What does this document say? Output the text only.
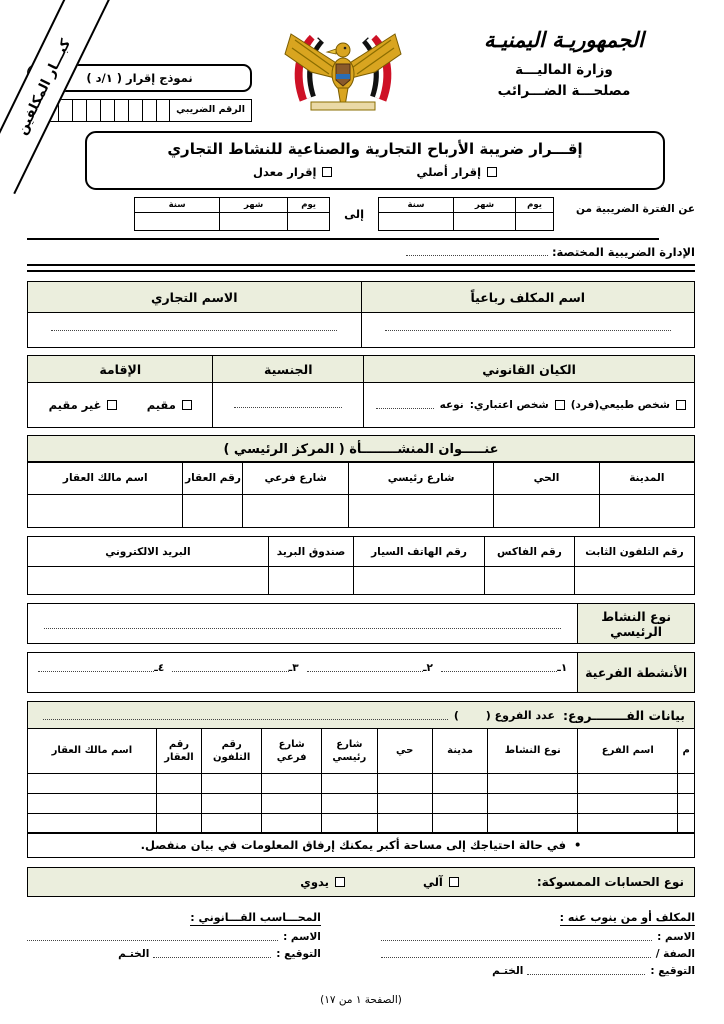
كبـــار المكلفين	الجمهوريـة اليمنيـة
وزارة الماليـــة
مصلحـــة الضـــرائب
نموذج إقرار ( ١/د )
الرقم الضريبي
إقـــرار ضريبة الأرباح التجارية والصناعية للنشاط التجاري
إقرار أصلي
إقرار معدل
عن الفترة الضريبية من
يوم	شهر	سنة

إلى
يوم	شهر	سنة

الإدارة الضريبية المختصة:
اسم المكلف رباعياً	الاسم التجاري

الكيان القانوني	الجنسية	الإقامة

شخص طبيعي(فرد)
شخص اعتباري:
نوعه		مقيم
غير مقيم
عنـــــوان المنشــــــــأة ( المركز الرئيسي )
المدينة	الحي	شارع رئيسي	شارع فرعي	رقم العقار	اسم مالك العقار

رقم التلفون الثابت	رقم الفاكس	رقم الهاتف السيار	صندوق البريد	البريد الالكتروني

نوع النشاط الرئيسي	
الأنشطة الفرعية	
١ـ
٢ـ
٣ـ
٤ـ
بيانات الفــــــــروع:
عدد الفروع (       )
م	اسم الفرع	نوع النشاط	مدينة	حي	شارع رئيسي	شارع فرعي	رقم التلفون	رقم العقار	اسم مالك العقار

•
في حالة احتياجك إلى مساحة أكبر يمكنك إرفاق المعلومات في بيان منفصل.
نوع الحسابات الممسوكة:
آلي
يدوي
المكلف أو من ينوب عنه :
الاسم :
الصفة /
التوقيع :
الختـم
المحـــاسب القـــانوني :
الاسم :
التوقيع :
الختـم
(الصفحة ١ من ١٧)
